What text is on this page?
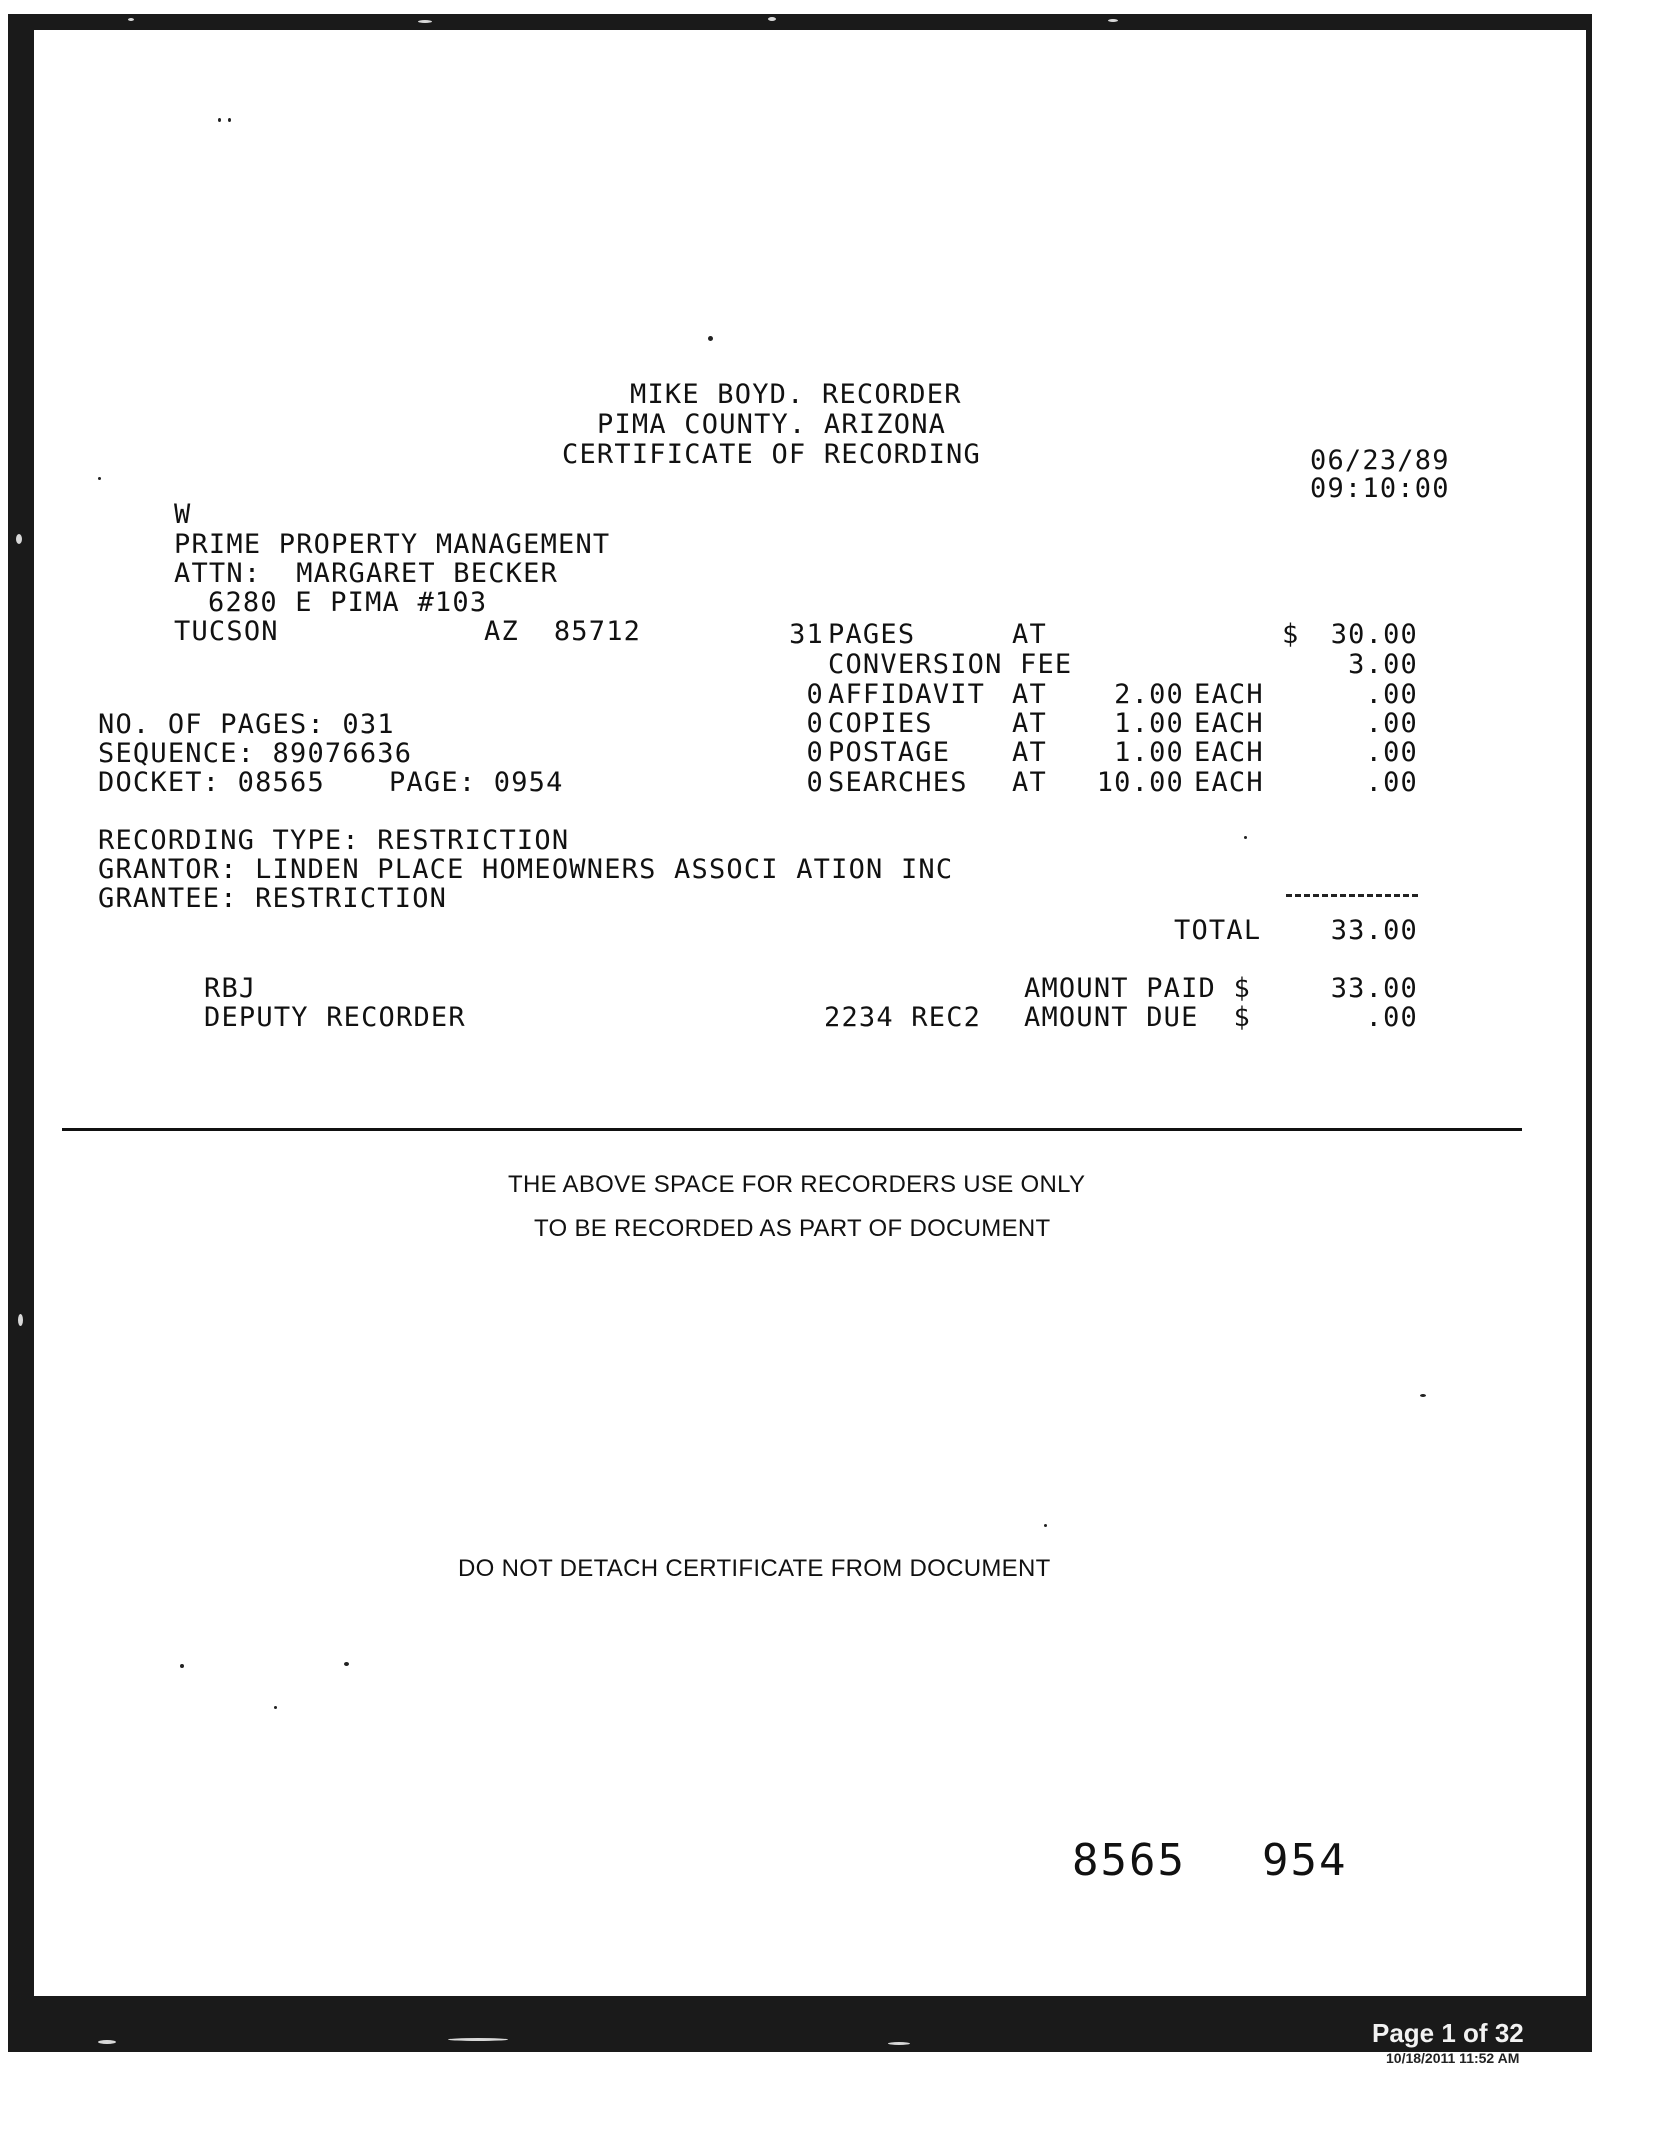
MIKE BOYD. RECORDER
PIMA COUNTY. ARIZONA
CERTIFICATE OF RECORDING	06/23/89
09:10:00
W
PRIME PROPERTY MANAGEMENT
ATTN:  MARGARET BECKER
6280 E PIMA #103
TUCSON	AZ  85712	31 PAGES	AT	$	30.00
CONVERSION FEE	3.00
0 AFFIDAVIT AT	2.00 EACH	.00
0 COPIES	AT	1.00 EACH	.00
0 POSTAGE AT	1.00 EACH	.00
0 SEARCHES AT	10.00 EACH	.00
NO. OF PAGES: 031
SEQUENCE: 89076636
DOCKET: 08565 PAGE: 0954
RECORDING TYPE: RESTRICTION
GRANTOR: LINDEN PLACE HOMEOWNERS ASSOCI ATION INC
GRANTEE: RESTRICTION
TOTAL	33.00
RBJ
DEPUTY RECORDER	2234 REC2
AMOUNT PAID $	33.00
AMOUNT DUE  $	.00
THE ABOVE SPACE FOR RECORDERS USE ONLY
TO BE RECORDED AS PART OF DOCUMENT
DO NOT DETACH CERTIFICATE FROM DOCUMENT
8565 954
Page 1 of 32
10/18/2011 11:52 AM
